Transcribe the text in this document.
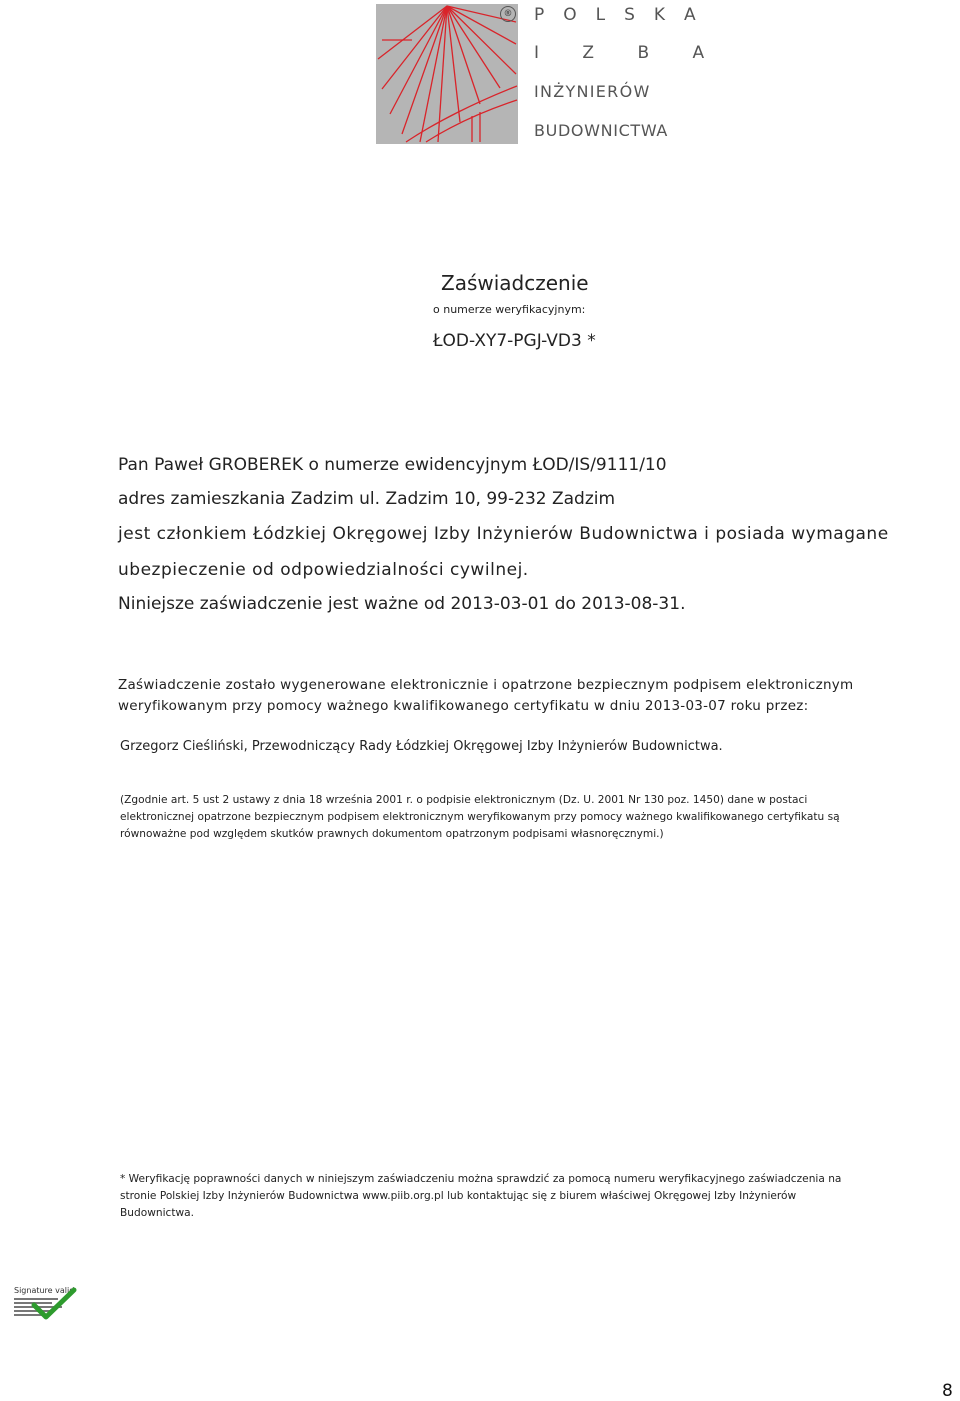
® P O L S K A
I   Z   B   A
INŻYNIERÓW
BUDOWNICTWA
Zaświadczenie
o numerze weryfikacyjnym:
ŁOD-XY7-PGJ-VD3 *
Pan Paweł GROBEREK o numerze ewidencyjnym ŁOD/IS/9111/10
adres zamieszkania Zadzim ul. Zadzim 10, 99-232 Zadzim
jest członkiem Łódzkiej Okręgowej Izby Inżynierów Budownictwa i posiada wymagane
ubezpieczenie od odpowiedzialności cywilnej.
Niniejsze zaświadczenie jest ważne od 2013-03-01 do 2013-08-31.
Zaświadczenie zostało wygenerowane elektronicznie i opatrzone bezpiecznym podpisem elektronicznym
weryfikowanym przy pomocy ważnego kwalifikowanego certyfikatu w dniu 2013-03-07 roku przez:
Grzegorz Cieśliński, Przewodniczący Rady Łódzkiej Okręgowej Izby Inżynierów Budownictwa.
(Zgodnie art. 5 ust 2 ustawy z dnia 18 września 2001 r. o podpisie elektronicznym (Dz. U. 2001 Nr 130 poz. 1450) dane w postaci
elektronicznej opatrzone bezpiecznym podpisem elektronicznym weryfikowanym przy pomocy ważnego kwalifikowanego certyfikatu są
równoważne pod względem skutków prawnych dokumentom opatrzonym podpisami własnoręcznymi.)
* Weryfikację poprawności danych w niniejszym zaświadczeniu można sprawdzić za pomocą numeru weryfikacyjnego zaświadczenia na
stronie Polskiej Izby Inżynierów Budownictwa www.piib.org.pl lub kontaktując się z biurem właściwej Okręgowej Izby Inżynierów
Budownictwa.
Signature valid
8
